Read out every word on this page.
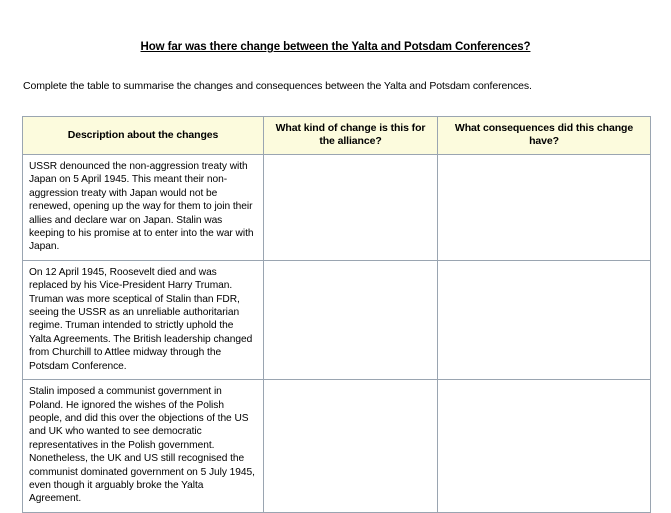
How far was there change between the Yalta and Potsdam Conferences?
Complete the table to summarise the changes and consequences between the Yalta and Potsdam conferences.
Description about the changes	What kind of change is this for the alliance?	What consequences did this change have?
USSR denounced the non-aggression treaty with Japan on 5 April 1945. This meant their non-aggression treaty with Japan would not be renewed, opening up the way for them to join their allies and declare war on Japan. Stalin was keeping to his promise at to enter into the war with Japan.		
On 12 April 1945, Roosevelt died and was replaced by his Vice-President Harry Truman. Truman was more sceptical of Stalin than FDR, seeing the USSR as an unreliable authoritarian regime. Truman intended to strictly uphold the Yalta Agreements. The British leadership changed from Churchill to Attlee midway through the Potsdam Conference.		
Stalin imposed a communist government in Poland. He ignored the wishes of the Polish people, and did this over the objections of the US and UK who wanted to see democratic representatives in the Polish government. Nonetheless, the UK and US still recognised the communist dominated government on 5 July 1945, even though it arguably broke the Yalta Agreement.		
